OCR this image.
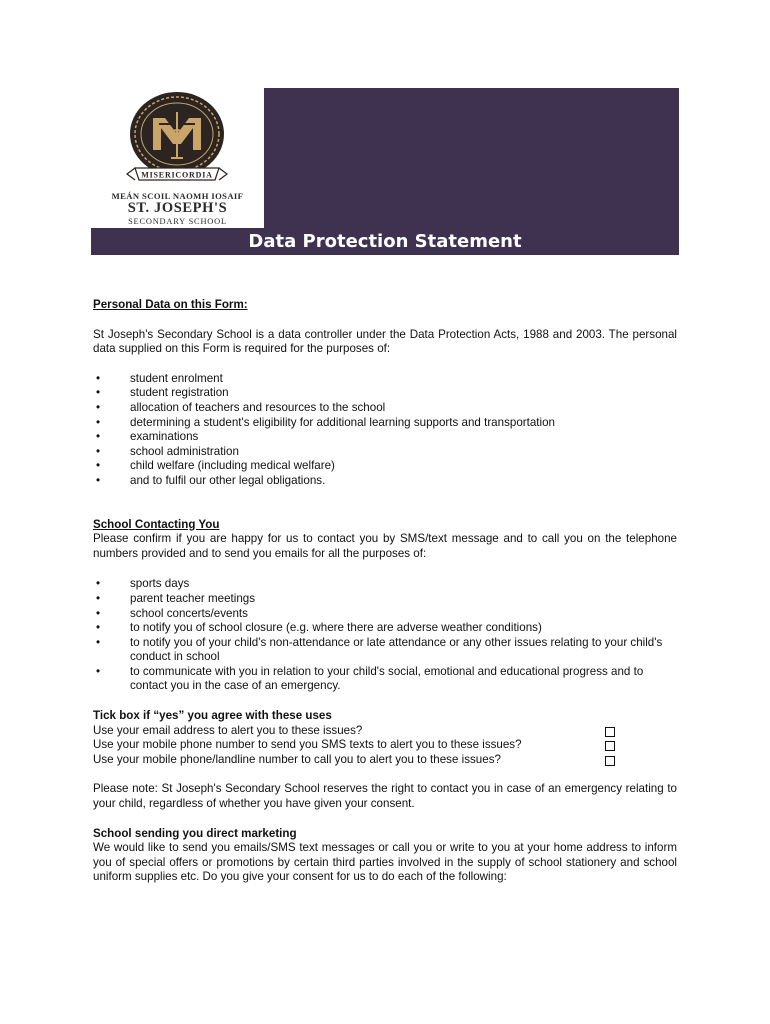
MISERICORDIA
MEÁN SCOIL NAOMH IOSAIF
ST. JOSEPH'S
SECONDARY SCHOOL
Data Protection Statement
Personal Data on this Form:

St Joseph's Secondary School is a data controller under the Data Protection Acts, 1988 and 2003. The personal data supplied on this Form is required for the purposes of:

•	student enrolment
•	student registration
•	allocation of teachers and resources to the school
•	determining a student's eligibility for additional learning supports and transportation
•	examinations
•	school administration
•	child welfare (including medical welfare)
•	and to fulfil our other legal obligations.
School Contacting You

Please confirm if you are happy for us to contact you by SMS/text message and to call you on the telephone numbers provided and to send you emails for all the purposes of:

•	sports days
•	parent teacher meetings
•	school concerts/events
•	to notify you of school closure (e.g. where there are adverse weather conditions)
•	to notify you of your child's non-attendance or late attendance or any other issues relating to your child's conduct in school
•	to communicate with you in relation to your child's social, emotional and educational progress and to contact you in the case of an emergency.
Tick box if “yes” you agree with these uses
Use your email address to alert you to these issues?
Use your mobile phone number to send you SMS texts to alert you to these issues?
Use your mobile phone/landline number to call you to alert you to these issues?

Please note: St Joseph's Secondary School reserves the right to contact you in case of an emergency relating to your child, regardless of whether you have given your consent.

School sending you direct marketing

We would like to send you emails/SMS text messages or call you or write to you at your home address to inform you of special offers or promotions by certain third parties involved in the supply of school stationery and school uniform supplies etc. Do you give your consent for us to do each of the following:
